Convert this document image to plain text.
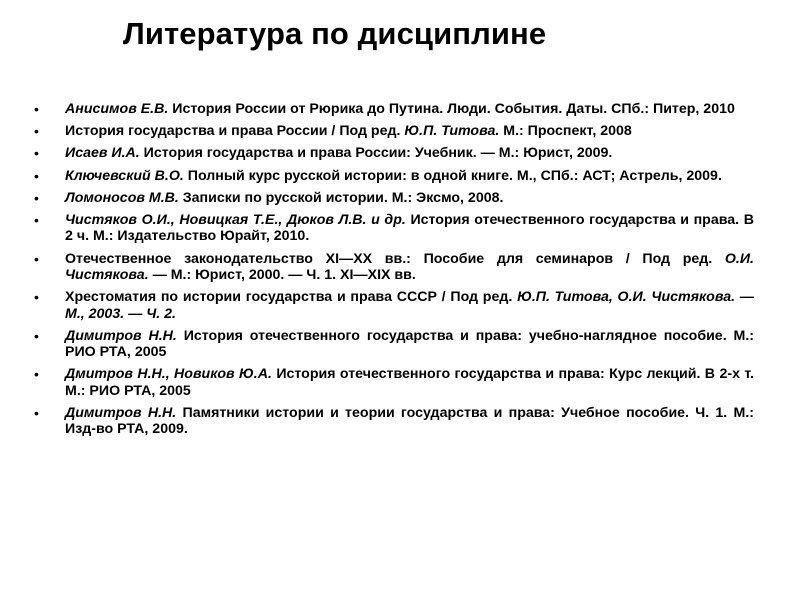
Литература по дисциплине
• Анисимов Е.В. История России от Рюрика до Путина. Люди. События. Даты. СПб.: Питер, 2010
• История государства и права России / Под ред. Ю.П. Титова. М.: Проспект, 2008
• Исаев И.А. История государства и права России: Учебник. — М.: Юрист, 2009.
• Ключевский В.О. Полный курс русской истории: в одной книге. М., СПб.: АСТ; Астрель, 2009.
• Ломоносов М.В. Записки по русской истории. М.: Эксмо, 2008.
• Чистяков О.И., Новицкая Т.Е., Дюков Л.В. и др. История отечественного государства и права. В 2 ч. М.: Издательство Юрайт, 2010.
• Отечественное законодательство XI—XX вв.: Пособие для семинаров / Под ред. О.И. Чистякова. — М.: Юрист, 2000. — Ч. 1. XI—XIX вв.
• Хрестоматия по истории государства и права СССР / Под ред. Ю.П. Титова, О.И. Чистякова. — М., 2003. — Ч. 2.
• Димитров Н.Н. История отечественного государства и права: учебно-наглядное пособие. М.: РИО РТА, 2005
• Дмитров Н.Н., Новиков Ю.А. История отечественного государства и права: Курс лекций. В 2-х т. М.: РИО РТА, 2005
• Димитров Н.Н. Памятники истории и теории государства и права: Учебное пособие. Ч. 1. М.: Изд-во РТА, 2009.
